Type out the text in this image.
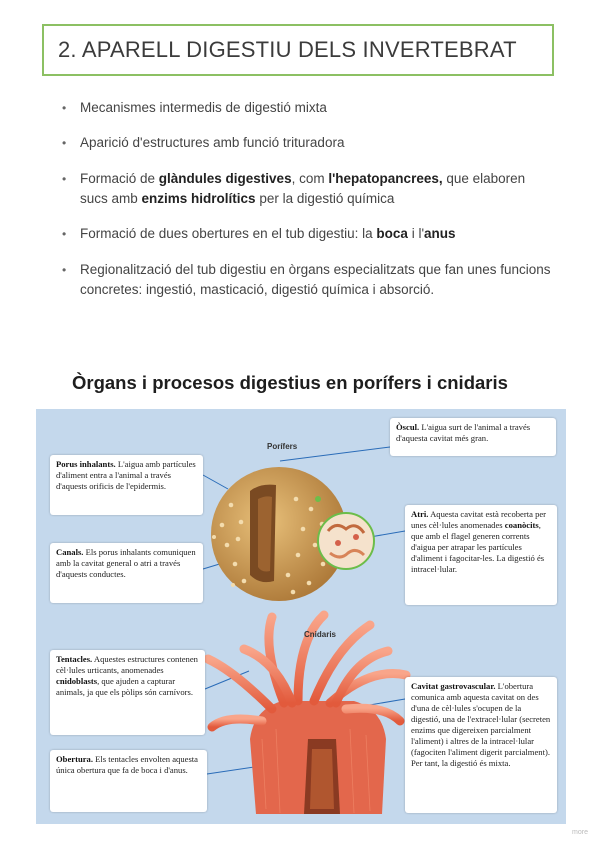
2. APARELL DIGESTIU DELS INVERTEBRAT
• Mecanismes intermedis de digestió mixta
• Aparició d'estructures amb funció trituradora
• Formació de glàndules digestives, com l'hepatopancrees, que elaboren sucs amb enzims hidrolítics per la digestió química
• Formació de dues obertures en el tub digestiu: la boca i l'anus
• Regionalització del tub digestiu en òrgans especialitzats que fan unes funcions concretes: ingestió, masticació, digestió química i absorció.
Òrgans i procesos digestius en porífers i cnidaris
Porífers
Cnidaris
Òscul. L'aigua surt de l'animal a través d'aquesta cavitat més gran.
Porus inhalants. L'aigua amb partícules d'aliment entra a l'animal a través d'aquests orificis de l'epidermis.
Atri. Aquesta cavitat està recoberta per unes cèl·lules anomenades coanòcits, que amb el flagel generen corrents d'aigua per atrapar les partícules d'aliment i fagocitar-les. La digestió és intracel·lular.
Canals. Els porus inhalants comuniquen amb la cavitat general o atri a través d'aquests conductes.
Tentacles. Aquestes estructures contenen cèl·lules urticants, anomenades cnidoblasts, que ajuden a capturar animals, ja que els pòlips són carnívors.
Cavitat gastrovascular. L'obertura comunica amb aquesta cavitat on des d'una de cèl·lules s'ocupen de la digestió, una de l'extracel·lular (secreten enzims que digereixen parcialment l'aliment) i altres de la intracel·lular (fagociten l'aliment digerit parcialment). Per tant, la digestió és mixta.
Obertura. Els tentacles envolten aquesta única obertura que fa de boca i d'anus.
more
